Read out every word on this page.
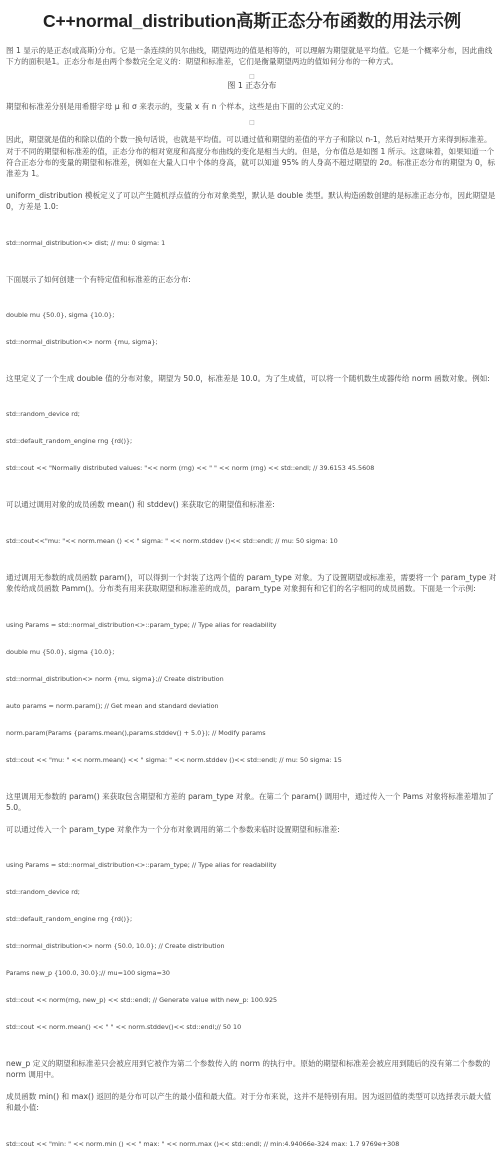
C++normal_distribution高斯正态分布函数的用法示例
图 1 显示的是正态(或高斯)分布。它是一条连续的贝尔曲线，期望两边的值是相等的，可以理解为期望就是平均值。它是一个概率分布，因此曲线下方的面积是1。正态分布是由两个参数完全定义的：期望和标准差，它们是衡量期望两边的值如何分布的一种方式。
□
图 1 正态分布
期望和标准差分别是用希腊字母 μ 和 σ 来表示的，变量 x 有 n 个样本，这些是由下面的公式定义的：
□
因此，期望就是值的和除以值的个数一换句话说，也就是平均值。可以通过值和期望的差值的平方子和除以 n-1，然后对结果开方来得到标准差。对于不同的期望和标准差的值，正态分布的相对宽度和高度分布曲线的变化是相当大的。但是，分布值总是如图 1 所示。这意味着，如果知道一个符合正态分布的变量的期望和标准差，例如在大量人口中个体的身高，就可以知道 95% 的人身高不超过期望的 2σ。标准正态分布的期望为 0，标准差为 1。
uniform_distribution 模板定义了可以产生随机浮点值的分布对象类型，默认是 double 类型。默认构造函数创建的是标准正态分布，因此期望是 0，方差是 1.0:

std::normal_distribution<> dist; // mu: 0 sigma: 1

下面展示了如何创建一个有特定值和标准差的正态分布:

double mu {50.0}, sigma {10.0};

std::normal_distribution<> norm {mu, sigma};

这里定义了一个生成 double 值的分布对象，期望为 50.0，标准差是 10.0。为了生成值，可以将一个随机数生成器传给 norm 函数对象。例如:

std::random_device rd;

std::default_random_engine rng {rd()};

std::cout << "Normally distributed values: "<< norm (rng) << " " << norm (rng) << std::endl; // 39.6153 45.5608

可以通过调用对象的成员函数 mean() 和 stddev() 来获取它的期望值和标准差:

std::cout<<"mu: "<< norm.mean () << " sigma: " << norm.stddev ()<< std::endl; // mu: 50 sigma: 10

通过调用无参数的成员函数 param()，可以得到一个封装了这两个值的 param_type 对象。为了设置期望或标准差，需要将一个 param_type 对象传给成员函数 Pamm()。分布类有用来获取期望和标准差的成员，param_type 对象拥有和它们的名字相同的成员函数。下面是一个示例:

using Params = std::normal_distribution<>::param_type; // Type alias for readability

double mu {50.0}, sigma {10.0};

std::normal_distribution<> norm {mu, sigma};// Create distribution

auto params = norm.param(); // Get mean and standard deviation

norm.param(Params {params.mean(),params.stddev() + 5.0}); // Modify params

std::cout << "mu: " << norm.mean() << " sigma: " << norm.stddev ()<< std::endl; // mu: 50 sigma: 15

这里调用无参数的 param() 来获取包含期望和方差的 param_type 对象。在第二个 param() 调用中，通过传入一个 Pams 对象将标准差增加了 5.0。
可以通过传入一个 param_type 对象作为一个分布对象调用的第二个参数来临时设置期望和标准差:

using Params = std::normal_distribution<>::param_type; // Type alias for readability

std::random_device rd;

std::default_random_engine rng {rd()};

std::normal_distribution<> norm {50.0, 10.0}; // Create distribution

Params new_p {100.0, 30.0};// mu=100 sigma=30

std::cout << norm(rng, new_p) << std::endl; // Generate value with new_p: 100.925

std::cout << norm.mean() << " " << norm.stddev()<< std::endl;// 50 10

new_p 定义的期望和标准差只会被应用到它被作为第二个参数传入的 norm 的执行中。原始的期望和标准差会被应用到随后的没有第二个参数的 norm 调用中。
成员函数 min() 和 max() 返回的是分布可以产生的最小值和最大值。对于分布来说，这并不是特别有用。因为返回值的类型可以选择表示最大值和最小值:

std::cout << "min: " << norm.min () << " max: " << norm.max ()<< std::endl; // min:4.94066e-324 max: 1.7 9769e+308
